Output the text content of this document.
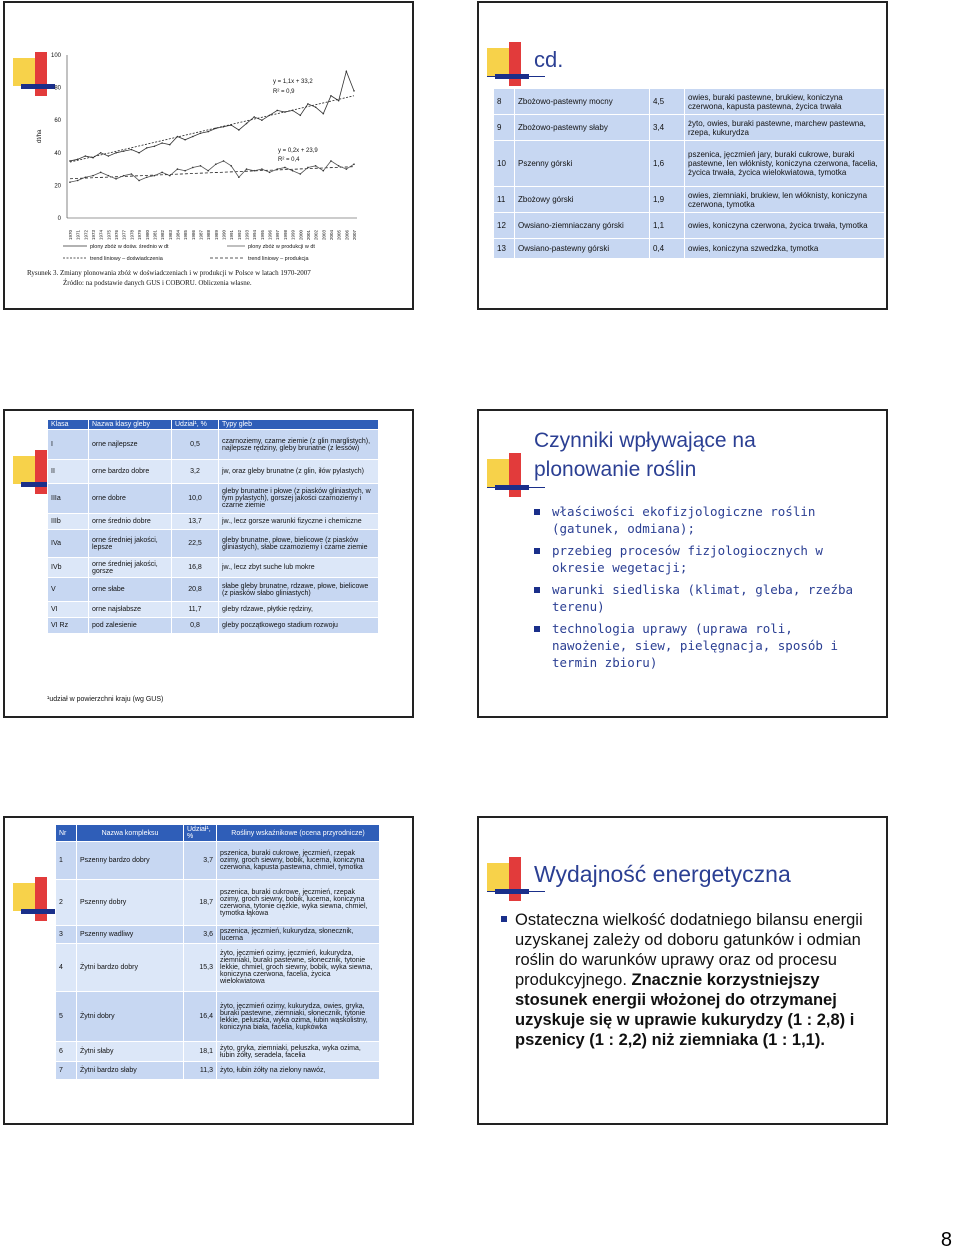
dt/ha
0
20
40
60
80
100
1970 1971 1972 1973 1974 1975 1976 1977 1978 1979 1980 1981 1982 1983 1984 1985 1986 1987 1988 1989 1990 1991 1992 1993 1994 1995 1996 1997 1998 1999 2000 2001 2002 2003 2004 2005 2006 2007
y = 1,1x + 33,2
R² = 0,9
y = 0,2x + 23,9
R² = 0,4
plony zbóż w dośw. średnio w dt	plony zbóż w produkcji w dt
trend liniowy – doświadczenia	trend liniowy – produkcja
Rysunek 3. Zmiany plonowania zbóż w doświadczeniach i w produkcji w Polsce w latach 1970-2007
Źródło: na podstawie danych GUS i COBORU. Obliczenia własne.
cd.
8	Zbożowo-pastewny mocny	4,5	owies, buraki pastewne, brukiew, koniczyna czerwona, kapusta pastewna, życica trwała
9	Zbożowo-pastewny słaby	3,4	żyto, owies, buraki pastewne, marchew pastewna, rzepa, kukurydza
10	Pszenny górski	1,6	pszenica, jęczmień jary, buraki cukrowe, buraki pastewne, len włóknisty, koniczyna czerwona, facelia, życica trwała, życica wielokwiatowa, tymotka
11	Zbożowy górski	1,9	owies, ziemniaki, brukiew, len włóknisty, koniczyna czerwona, tymotka
12	Owsiano-ziemniaczany górski	1,1	owies, koniczyna czerwona, życica trwała, tymotka
13	Owsiano-pastewny górski	0,4	owies, koniczyna szwedzka, tymotka
Klasa	Nazwa klasy gleby	Udział¹, %	Typy gleb
I	orne najlepsze	0,5	czarnoziemy, czarne ziemie (z glin marglistych), najlepsze rędziny, gleby brunatne (z lessów)
II	orne bardzo dobre	3,2	jw, oraz gleby brunatne (z glin, iłów pylastych)
IIIa	orne dobre	10,0	gleby brunatne i płowe (z piasków gliniastych, w tym pylastych), gorszej jakości czarnoziemy i czarne ziemie
IIIb	orne średnio dobre	13,7	jw., lecz gorsze warunki fizyczne i chemiczne
IVa	orne średniej jakości, lepsze	22,5	gleby brunatne, płowe, bielicowe (z piasków gliniastych), słabe czarnoziemy i czarne ziemie
IVb	orne średniej jakości, gorsze	16,8	jw., lecz zbyt suche lub mokre
V	orne słabe	20,8	słabe gleby brunatne, rdzawe, płowe, bielicowe (z piasków słabo gliniastych)
VI	orne najsłabsze	11,7	gleby rdzawe, płytkie rędziny,
VI Rz	pod zalesienie	0,8	gleby początkowego stadium rozwoju
¹udział w powierzchni kraju (wg GUS)
Czynniki wpływające na plonowanie roślin
właściwości ekofizjologiczne roślin (gatunek, odmiana);
przebieg procesów fizjologiocznych w okresie wegetacji;
warunki siedliska (klimat, gleba, rzeźba terenu)
technologia uprawy (uprawa roli, nawożenie, siew, pielęgnacja, sposób i termin zbioru)
Nr	Nazwa kompleksu	Udział¹, %	Rośliny wskaźnikowe (ocena przyrodnicze)
1	Pszenny bardzo dobry	3,7	pszenica, buraki cukrowe, jęczmień, rzepak ozimy, groch siewny, bobik, lucerna, koniczyna czerwona, kapusta pastewna, chmiel, tymotka
2	Pszenny dobry	18,7	pszenica, buraki cukrowe, jęczmień, rzepak ozimy, groch siewny, bobik, lucerna, koniczyna czerwona, tytonie ciężkie, wyka siewna, chmiel, tymotka łąkowa
3	Pszenny wadliwy	3,6	pszenica, jęczmień, kukurydza, słonecznik, lucerna
4	Żytni bardzo dobry	15,3	żyto, jęczmień ozimy, jęczmień, kukurydza, ziemniaki, buraki pastewne, słonecznik, tytonie lekkie, chmiel, groch siewny, bobik, wyka siewna, koniczyna czerwona, facelia, życica wielokwiatowa
5	Żytni dobry	16,4	żyto, jęczmień ozimy, kukurydza, owies, gryka, buraki pastewne, ziemniaki, słonecznik, tytonie lekkie, peluszka, wyka ozima, łubin wąskolistny, koniczyna biała, facelia, kupkówka
6	Żytni słaby	18,1	żyto, gryka, ziemniaki, peluszka, wyka ozima, łubin żółty, seradela, facelia
7	Żytni bardzo słaby	11,3	żyto, łubin żółty na zielony nawóz,
Wydajność energetyczna
Ostateczna wielkość dodatniego bilansu energii uzyskanej zależy od doboru gatunków i odmian roślin do warunków uprawy oraz od procesu produkcyjnego. Znacznie korzystniejszy stosunek energii włożonej do otrzymanej uzyskuje się w uprawie kukurydzy (1 : 2,8) i pszenicy (1 : 2,2) niż ziemniaka (1 : 1,1).
8
